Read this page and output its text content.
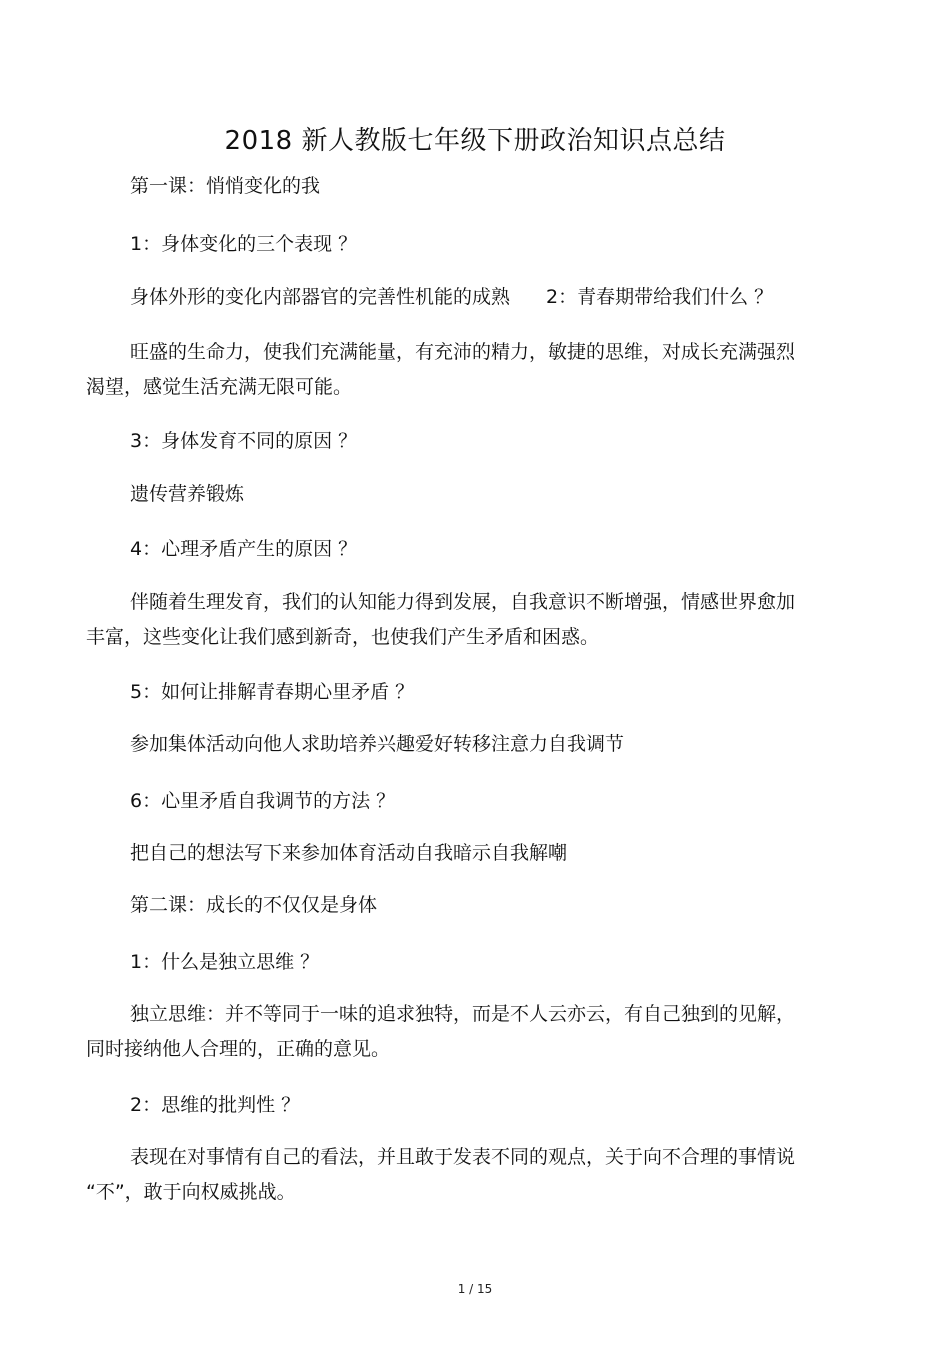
2018 新人教版七年级下册政治知识点总结

第一课：悄悄变化的我

1：身体变化的三个表现 ？

身体外形的变化内部器官的完善性机能的成熟 2：青春期带给我们什么 ？

旺盛的生命力，使我们充满能量，有充沛的精力，敏捷的思维，对成长充满强烈渴望，感觉生活充满无限可能。

3：身体发育不同的原因 ？

遗传营养锻炼

4：心理矛盾产生的原因 ？

伴随着生理发育，我们的认知能力得到发展，自我意识不断增强，情感世界愈加丰富，这些变化让我们感到新奇，也使我们产生矛盾和困惑。

5：如何让排解青春期心里矛盾 ？

参加集体活动向他人求助培养兴趣爱好转移注意力自我调节

6：心里矛盾自我调节的方法 ？

把自己的想法写下来参加体育活动自我暗示自我解嘲

第二课：成长的不仅仅是身体

1：什么是独立思维 ？

独立思维：并不等同于一味的追求独特，而是不人云亦云，有自己独到的见解，同时接纳他人合理的，正确的意见。

2：思维的批判性 ？

表现在对事情有自己的看法，并且敢于发表不同的观点，关于向不合理的事情说 “不”，敢于向权威挑战。

1 / 15
